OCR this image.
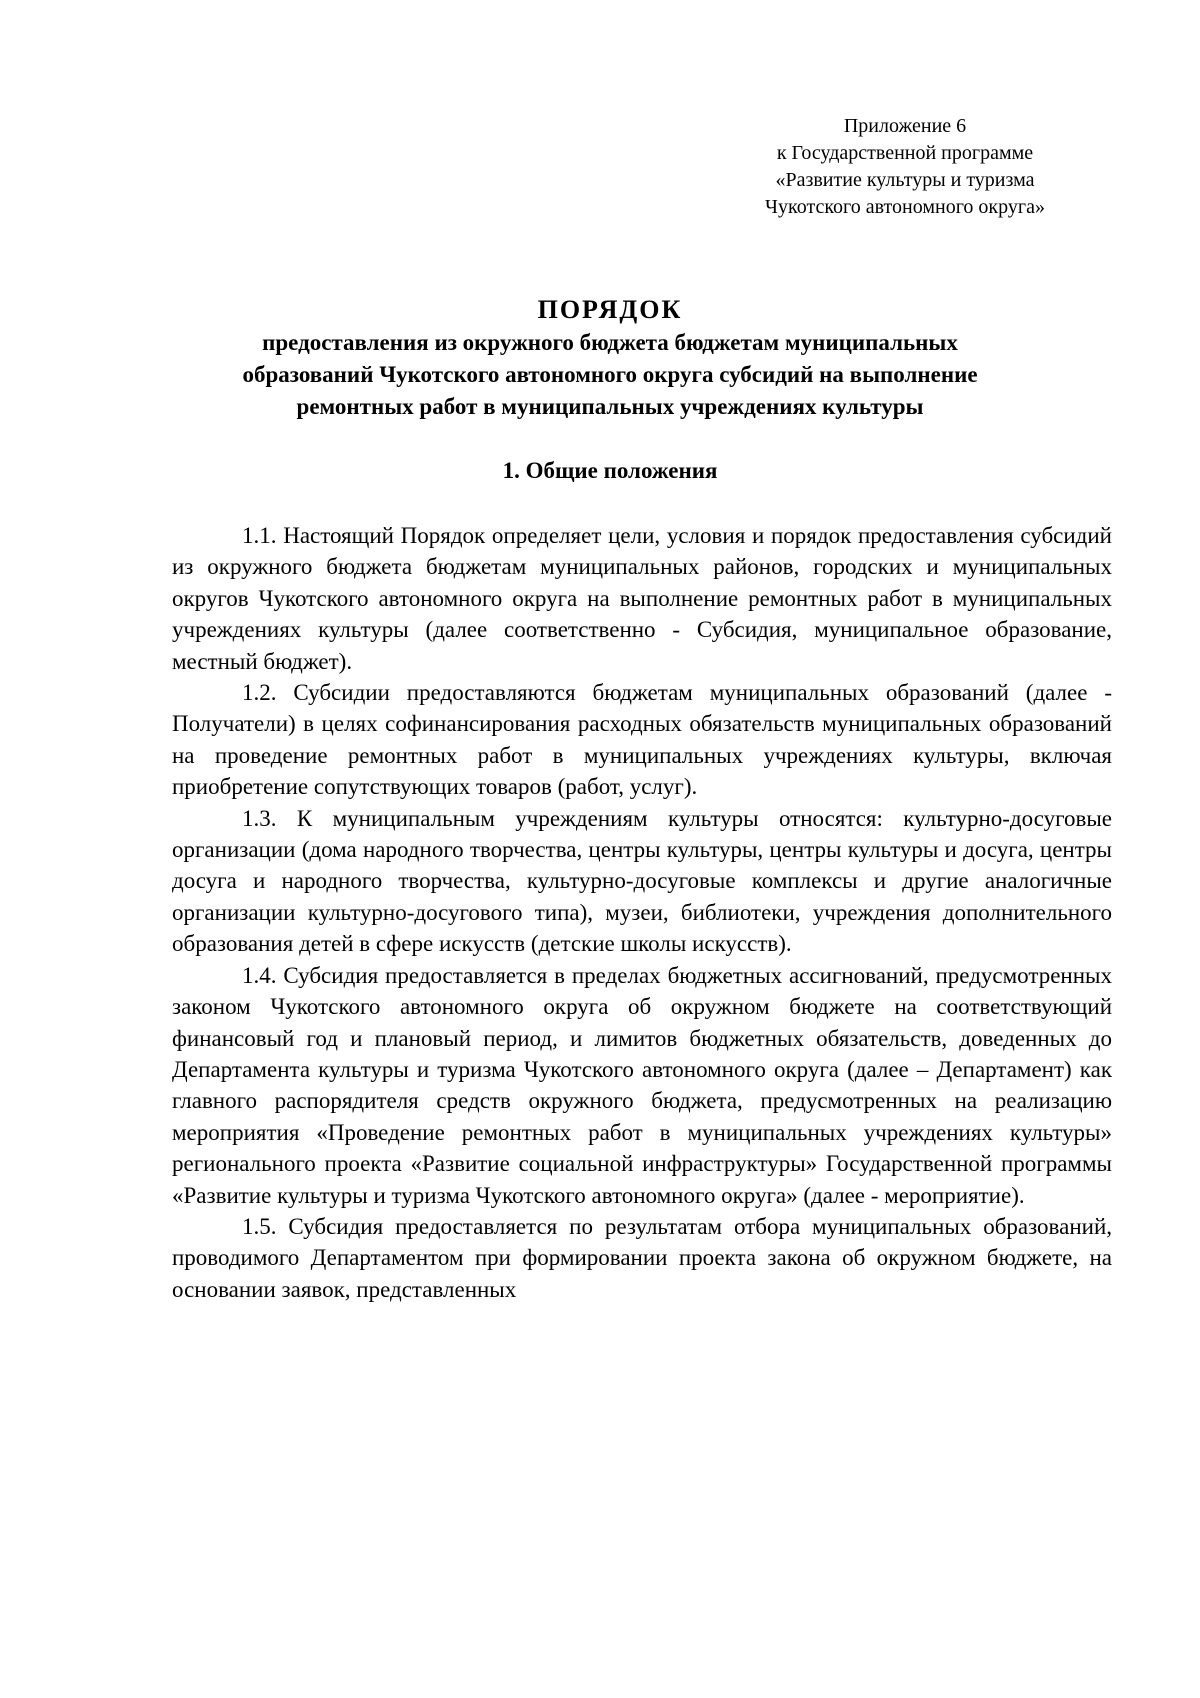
Приложение 6
к Государственной программе
«Развитие культуры и туризма
Чукотского автономного округа»
ПОРЯДОК
предоставления из окружного бюджета бюджетам муниципальных
образований Чукотского автономного округа субсидий на выполнение
ремонтных работ в муниципальных учреждениях культуры
1. Общие положения

1.1. Настоящий Порядок определяет цели, условия и порядок предоставления субсидий из окружного бюджета бюджетам муниципальных районов, городских и муниципальных округов Чукотского автономного округа на выполнение ремонтных работ в муниципальных учреждениях культуры (далее соответственно - Субсидия, муниципальное образование, местный бюджет).

1.2. Субсидии предоставляются бюджетам муниципальных образований (далее - Получатели) в целях софинансирования расходных обязательств муниципальных образований на проведение ремонтных работ в муниципальных учреждениях культуры, включая приобретение сопутствующих товаров (работ, услуг).

1.3. К муниципальным учреждениям культуры относятся: культурно-досуговые организации (дома народного творчества, центры культуры, центры культуры и досуга, центры досуга и народного творчества, культурно-досуговые комплексы и другие аналогичные организации культурно-досугового типа), музеи, библиотеки, учреждения дополнительного образования детей в сфере искусств (детские школы искусств).

1.4. Субсидия предоставляется в пределах бюджетных ассигнований, предусмотренных законом Чукотского автономного округа об окружном бюджете на соответствующий финансовый год и плановый период, и лимитов бюджетных обязательств, доведенных до Департамента культуры и туризма Чукотского автономного округа (далее – Департамент) как главного распорядителя средств окружного бюджета, предусмотренных на реализацию мероприятия «Проведение ремонтных работ в муниципальных учреждениях культуры» регионального проекта «Развитие социальной инфраструктуры» Государственной программы «Развитие культуры и туризма Чукотского автономного округа» (далее - мероприятие).

1.5. Субсидия предоставляется по результатам отбора муниципальных образований, проводимого Департаментом при формировании проекта закона об окружном бюджете, на основании заявок, представленных
